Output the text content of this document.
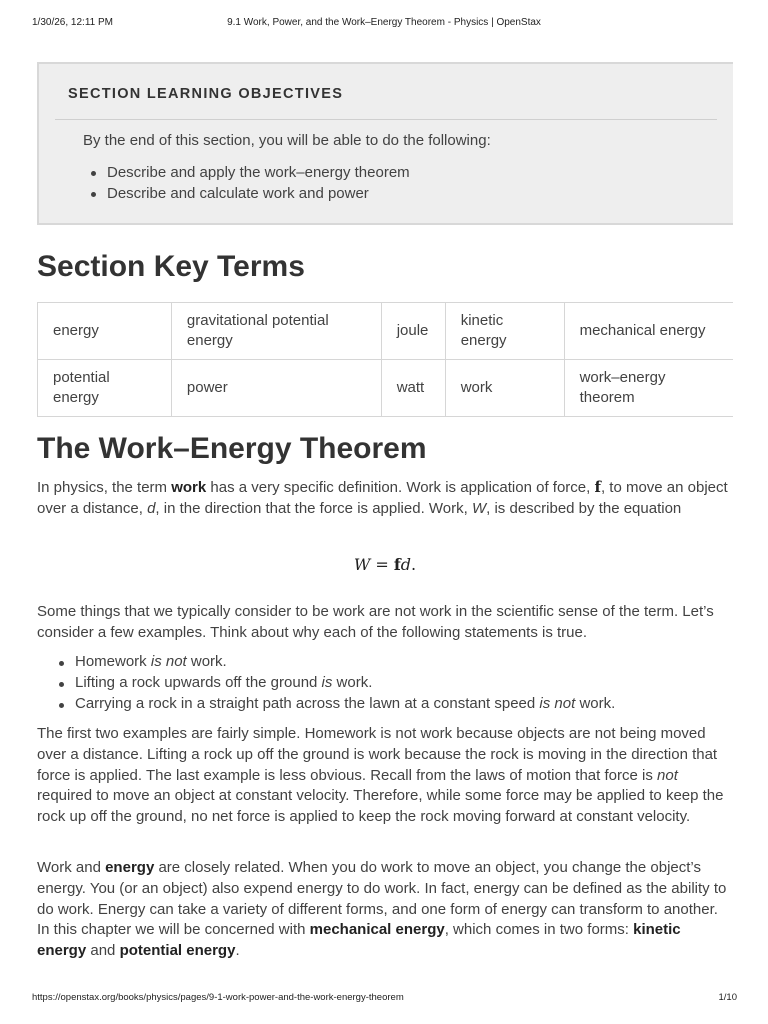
1/30/26, 12:11 PM	9.1 Work, Power, and the Work–Energy Theorem - Physics | OpenStax
SECTION LEARNING OBJECTIVES

By the end of this section, you will be able to do the following:

Describe and apply the work–energy theorem
Describe and calculate work and power
Section Key Terms
energy	gravitational potential energy	joule	kinetic energy	mechanical energy
potential energy	power	watt	work	work–energy theorem
The Work–Energy Theorem

In physics, the term work has a very specific definition. Work is application of force, f, to move an object over a distance, d, in the direction that the force is applied. Work, W, is described by the equation

W = fd.

Some things that we typically consider to be work are not work in the scientific sense of the term. Let’s consider a few examples. Think about why each of the following statements is true.

Homework is not work.
Lifting a rock upwards off the ground is work.
Carrying a rock in a straight path across the lawn at a constant speed is not work.

The first two examples are fairly simple. Homework is not work because objects are not being moved over a distance. Lifting a rock up off the ground is work because the rock is moving in the direction that force is applied. The last example is less obvious. Recall from the laws of motion that force is not required to move an object at constant velocity. Therefore, while some force may be applied to keep the rock up off the ground, no net force is applied to keep the rock moving forward at constant velocity.

Work and energy are closely related. When you do work to move an object, you change the object’s energy. You (or an object) also expend energy to do work. In fact, energy can be defined as the ability to do work. Energy can take a variety of different forms, and one form of energy can transform to another. In this chapter we will be concerned with mechanical energy, which comes in two forms: kinetic energy and potential energy.

https://openstax.org/books/physics/pages/9-1-work-power-and-the-work-energy-theorem	1/10
